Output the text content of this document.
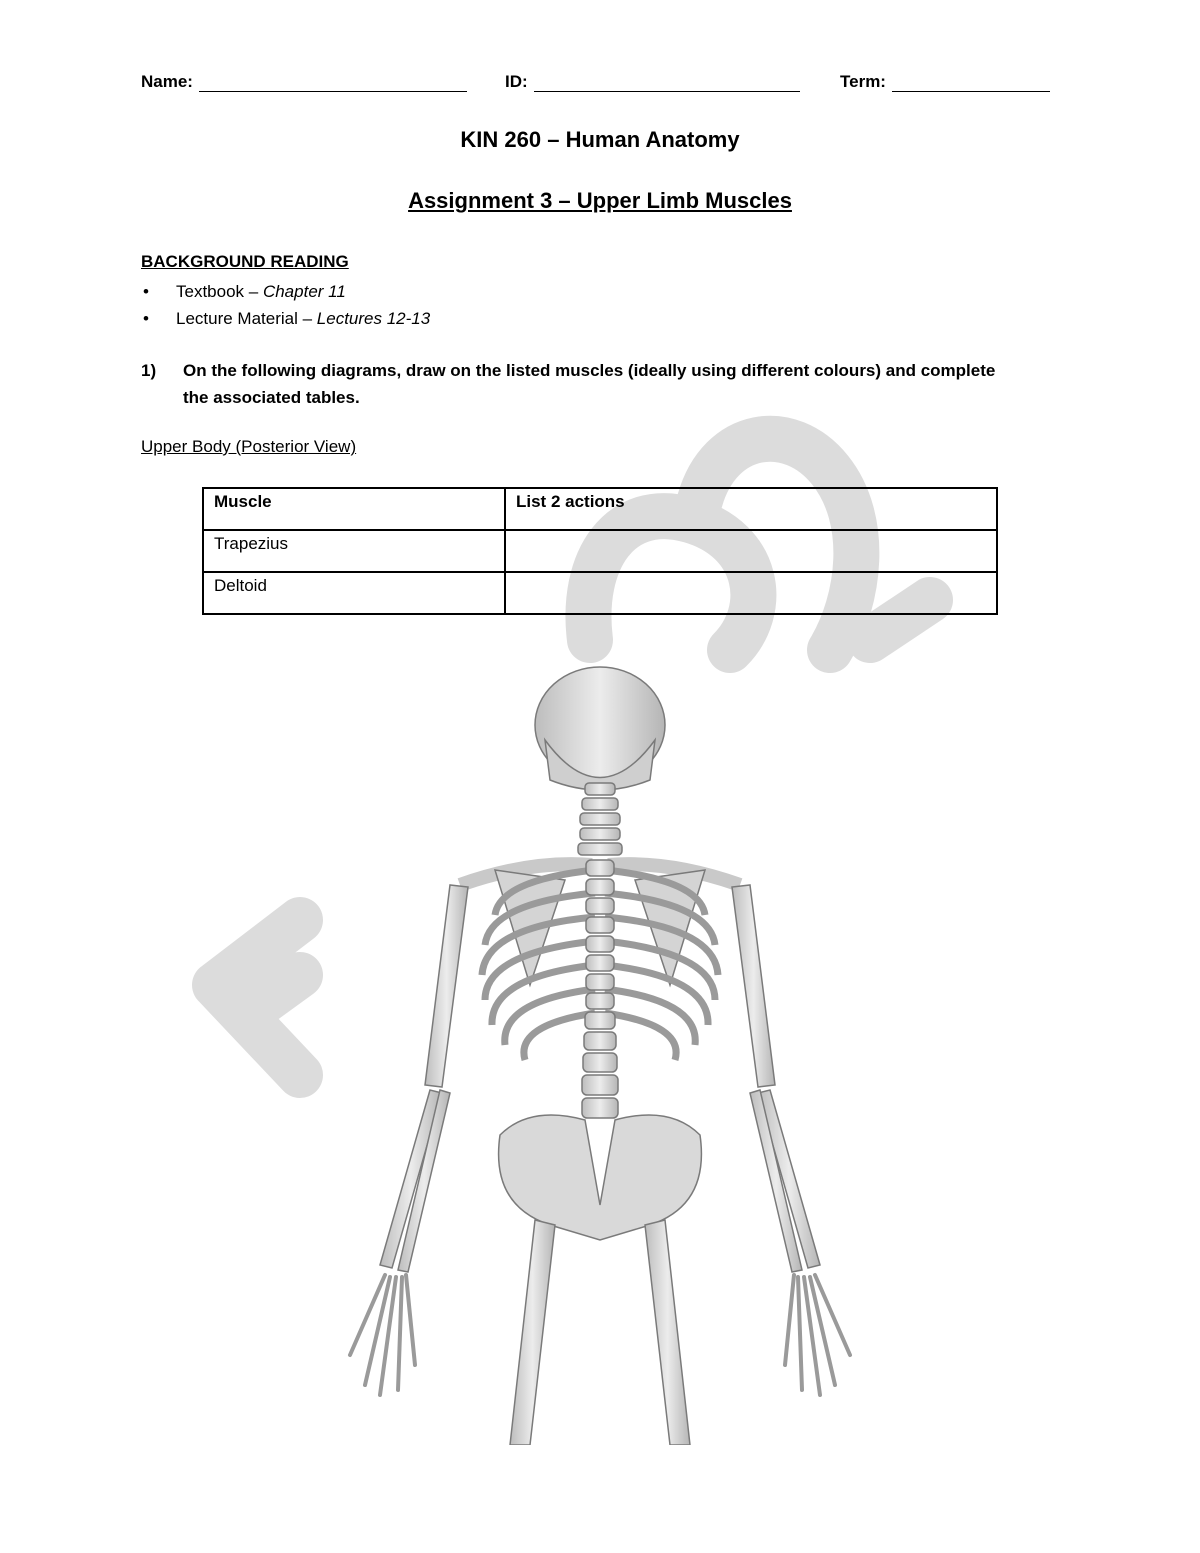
Name:	ID:	Term:
KIN 260 – Human Anatomy
Assignment 3 – Upper Limb Muscles
BACKGROUND READING
• Textbook – Chapter 11
• Lecture Material – Lectures 12-13
1) On the following diagrams, draw on the listed muscles (ideally using different colours) and complete the associated tables.
Upper Body (Posterior View)
Muscle	List 2 actions
Trapezius	
Deltoid	
